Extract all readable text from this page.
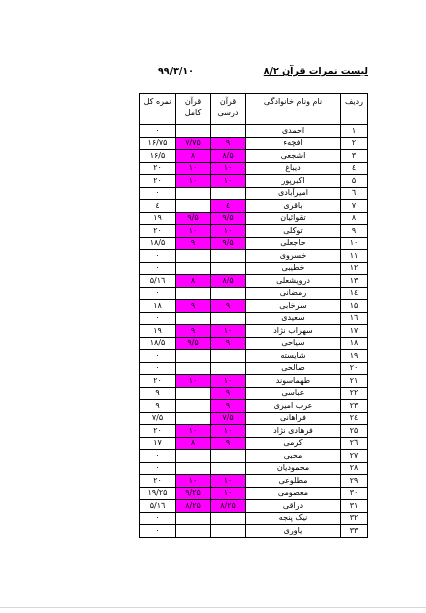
لیست نمرات قرآن ۸/۲
۹۹/۳/۱۰
ردیف	نام ونام خانوادگی	قرآن درسی	قرآن کامل	نمره کل
۱	احمدی			۰
۲	افچه‌ء	۹	۷/۷۵	۱۶/۷۵
۳	اشجعی	۸/۵	۸	۱۶/۵
٤	دیباغ	۱۰	۱۰	۲۰
۵	اکبرپور	۱۰	۱۰	۲۰
٦	امیرآبادی			۰
۷	باقری	٤		٤
۸	تقوائیان	۹/۵	۹/۵	۱۹
۹	توکلی	۱۰	۱۰	۲۰
۱۰	حاجعلی	۹/۵	۹	۱۸/۵
۱۱	خسروی			۰
۱۲	خطیبی			۰
۱۳	درویشعلی	۸/۵	۸	۱٦/۵
۱٤	رمضانی			۰
۱۵	سرخابی	۹	۹	۱۸
۱٦	سعیدی			۰
۱۷	سهراب نژاد	۱۰	۹	۱۹
۱۸	سیاحی	۹	۹/۵	۱۸/۵
۱۹	شایسته			۰
۲۰	صالحی			۰
۲۱	طهماسوند	۱۰	۱۰	۲۰
۲۲	عباسی	۹		۹
۲۳	عرب امیری	۹		۹
۲٤	فراهانی	۷/۵		۷/۵
۲۵	فرهادی نژاد	۱۰	۱۰	۲۰
۲٦	کرمی	۹	۸	۱۷
۲۷	محبی			۰
۲۸	محمودیان			۰
۲۹	مطلوعی	۱۰	۱۰	۲۰
۳۰	معصومی	۱۰	۹/۲۵	۱۹/۲۵
۳۱	دراقی	۸/۲۵	۸/۲۵	۱٦/۵
۳۲	نیک پنجه			۰
۳۳	یاوری			۰
